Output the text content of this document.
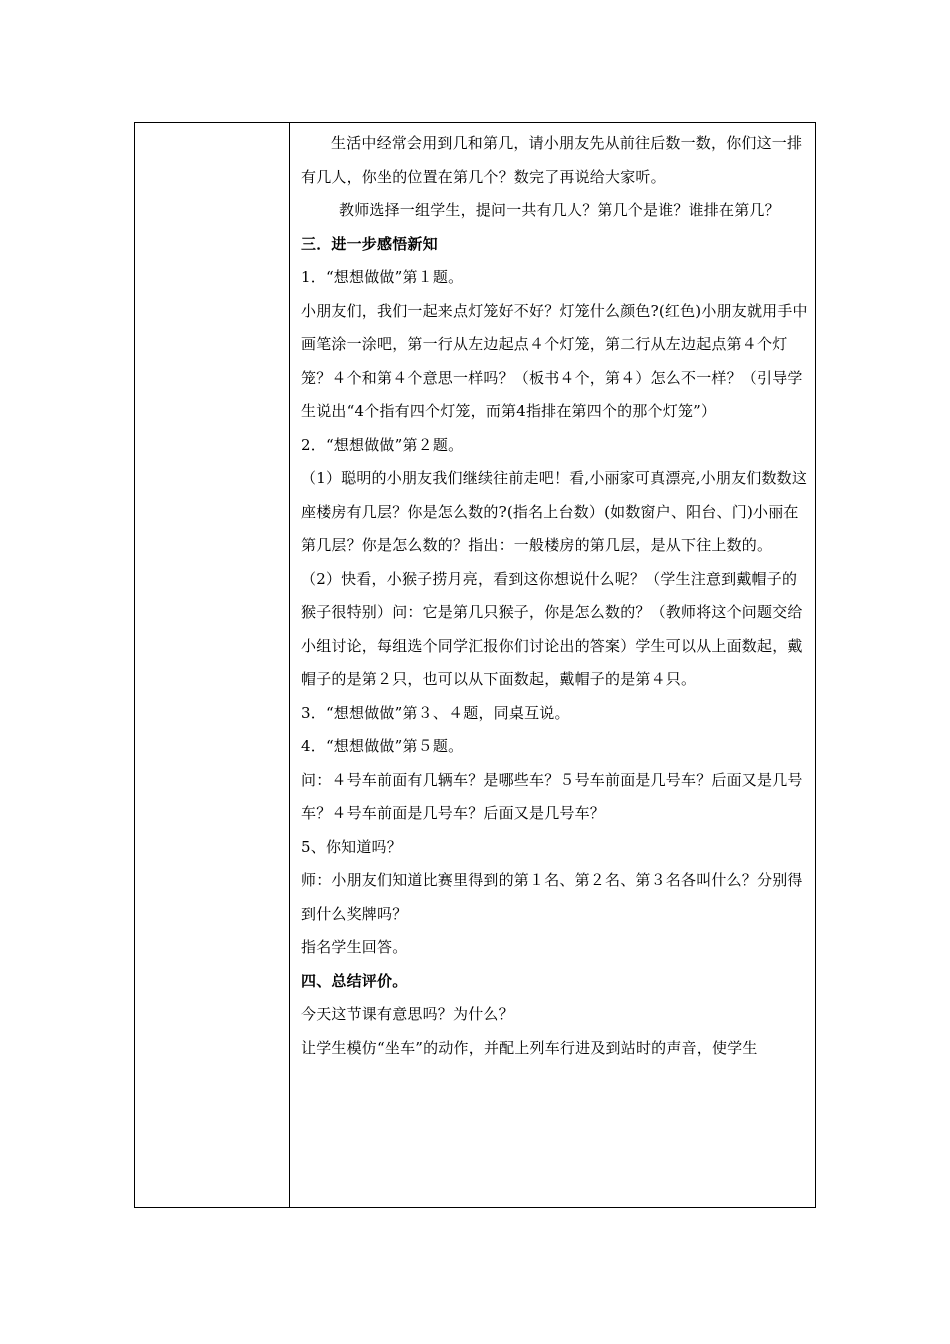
生活中经常会用到几和第几，请小朋友先从前往后数一数，你们这一排有几人，你坐的位置在第几个？数完了再说给大家听。

教师选择一组学生，提问一共有几人？第几个是谁？谁排在第几？

三．进一步感悟新知

1．“想想做做”第１题。

小朋友们，我们一起来点灯笼好不好？灯笼什么颜色?(红色)小朋友就用手中画笔涂一涂吧，第一行从左边起点４个灯笼，第二行从左边起点第４个灯笼？４个和第４个意思一样吗？（板书４个，第４）怎么不一样？（引导学生说出“4个指有四个灯笼，而第4指排在第四个的那个灯笼”）

2．“想想做做”第２题。

（1）聪明的小朋友我们继续往前走吧！看,小丽家可真漂亮,小朋友们数数这座楼房有几层？你是怎么数的?(指名上台数）(如数窗户、阳台、门)小丽在第几层？你是怎么数的？指出：一般楼房的第几层，是从下往上数的。

（2）快看，小猴子捞月亮，看到这你想说什么呢？（学生注意到戴帽子的猴子很特别）问：它是第几只猴子，你是怎么数的？（教师将这个问题交给小组讨论，每组选个同学汇报你们讨论出的答案）学生可以从上面数起，戴帽子的是第２只，也可以从下面数起，戴帽子的是第４只。

3．“想想做做”第３、４题，同桌互说。

4．“想想做做”第５题。

问：４号车前面有几辆车？是哪些车？５号车前面是几号车？后面又是几号车？４号车前面是几号车？后面又是几号车？

5、你知道吗？

师：小朋友们知道比赛里得到的第１名、第２名、第３名各叫什么？分别得到什么奖牌吗？

指名学生回答。

四、总结评价。

今天这节课有意思吗？为什么？

让学生模仿“坐车”的动作，并配上列车行进及到站时的声音，使学生
